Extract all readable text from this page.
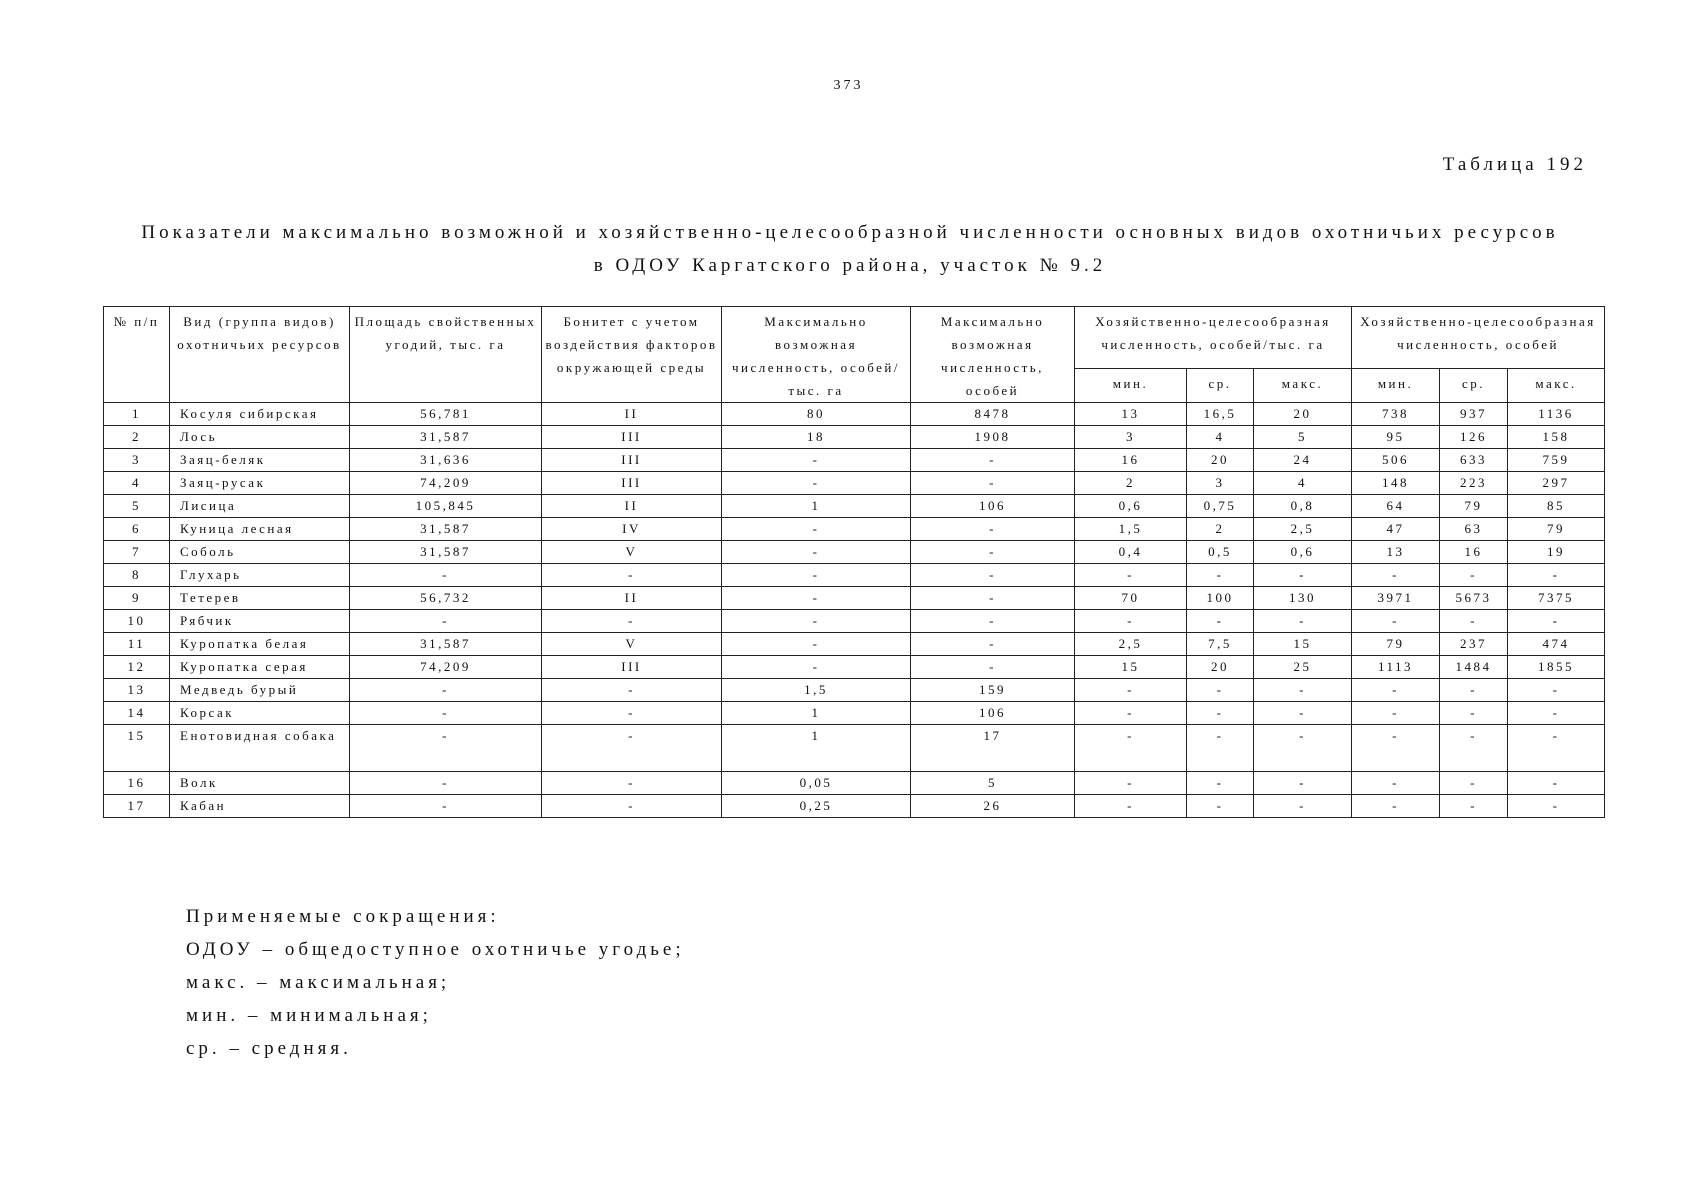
373
Таблица 192
Показатели максимально возможной и хозяйственно-целесообразной численности основных видов охотничьих ресурсов
в ОДОУ Каргатского района, участок № 9.2
№ п/п	Вид (группа видов) охотничьих ресурсов	Площадь свойственных угодий, тыс. га	Бонитет с учетом воздействия факторов окружающей среды	Максимально возможная численность, особей/тыс. га	Максимально возможная численность, особей	Хозяйственно-целесообразная численность, особей/тыс. га			Хозяйственно-целесообразная численность, особей		
						мин.	ср.	макс.	мин.	ср.	макс.
1	Косуля сибирская	56,781	II	80	8478	13	16,5	20	738	937	1136
2	Лось	31,587	III	18	1908	3	4	5	95	126	158
3	Заяц-беляк	31,636	III	-	-	16	20	24	506	633	759
4	Заяц-русак	74,209	III	-	-	2	3	4	148	223	297
5	Лисица	105,845	II	1	106	0,6	0,75	0,8	64	79	85
6	Куница лесная	31,587	IV	-	-	1,5	2	2,5	47	63	79
7	Соболь	31,587	V	-	-	0,4	0,5	0,6	13	16	19
8	Глухарь	-	-	-	-	-	-	-	-	-	-
9	Тетерев	56,732	II	-	-	70	100	130	3971	5673	7375
10	Рябчик	-	-	-	-	-	-	-	-	-	-
11	Куропатка белая	31,587	V	-	-	2,5	7,5	15	79	237	474
12	Куропатка серая	74,209	III	-	-	15	20	25	1113	1484	1855
13	Медведь бурый	-	-	1,5	159	-	-	-	-	-	-
14	Корсак	-	-	1	106	-	-	-	-	-	-
15	Енотовидная собака	-	-	1	17	-	-	-	-	-	-
16	Волк	-	-	0,05	5	-	-	-	-	-	-
17	Кабан	-	-	0,25	26	-	-	-	-	-	-
Применяемые сокращения:
ОДОУ – общедоступное охотничье угодье;
макс. – максимальная;
мин. – минимальная;
ср. – средняя.
